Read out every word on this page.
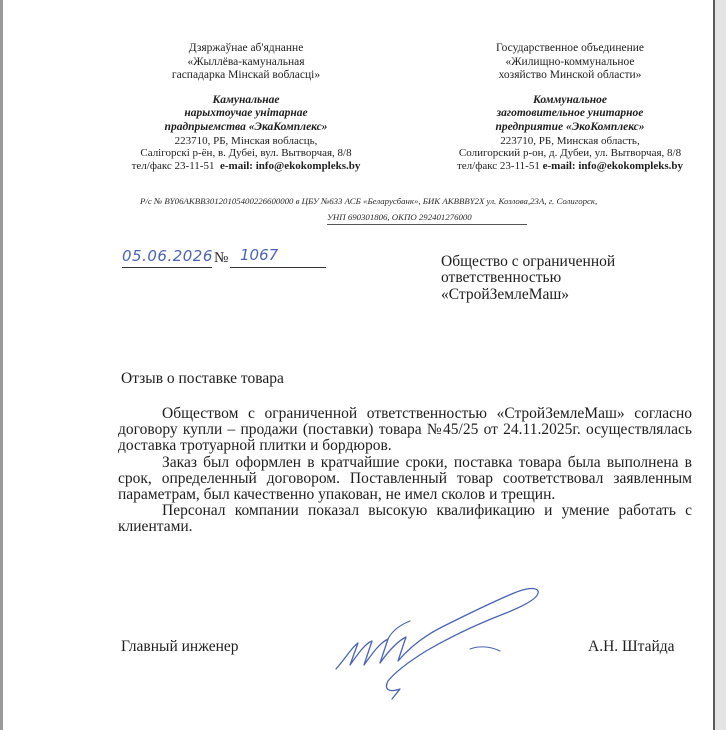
Дзяржаўнае аб'яднанне
«Жыллёва-камунальная
гаспадарка Мінскай вобласці»
Камунальнае
нарыхтоучае унітарнае
прадпрыемства «ЭкаКомплекс»
223710, РБ, Мінская вобласць,
Салігорскі р-ён, в. Дубеі, вул. Вытворчая, 8/8
тел/факс 23-11-51 e-mail: info@ekokompleks.by
Государственное объединение
«Жилищно-коммунальное
хозяйство Минской области»
Коммунальное
заготовительное унитарное
предприятие «ЭкоКомплекс»
223710, РБ, Минская область,
Солигорский р-он, д. Дубеи, ул. Вытворчая, 8/8
тел/факс 23-11-51 e-mail: info@ekokompleks.by
Р/с № BY06AKBB30120105400226600000 в ЦБУ №633 АСБ «Беларусбанк», БИК AKBBBY2X ул. Козлова,23А, г. Солигорск,
УНП 690301806, ОКПО 292401276000
05.06.2026 № 1067	Общество с ограниченной
ответственностью
«СтройЗемлеМаш»
Отзыв о поставке товара

Обществом с ограниченной ответственностью «СтройЗемлеМаш» согласно договору купли – продажи (поставки) товара №45/25 от 24.11.2025г. осуществлялась доставка тротуарной плитки и бордюров.

Заказ был оформлен в кратчайшие сроки, поставка товара была выполнена в срок, определенный договором. Поставленный товар соответствовал заявленным параметрам, был качественно упакован, не имел сколов и трещин.

Персонал компании показал высокую квалификацию и умение работать с клиентами.

Главный инженер	А.Н. Штайда
